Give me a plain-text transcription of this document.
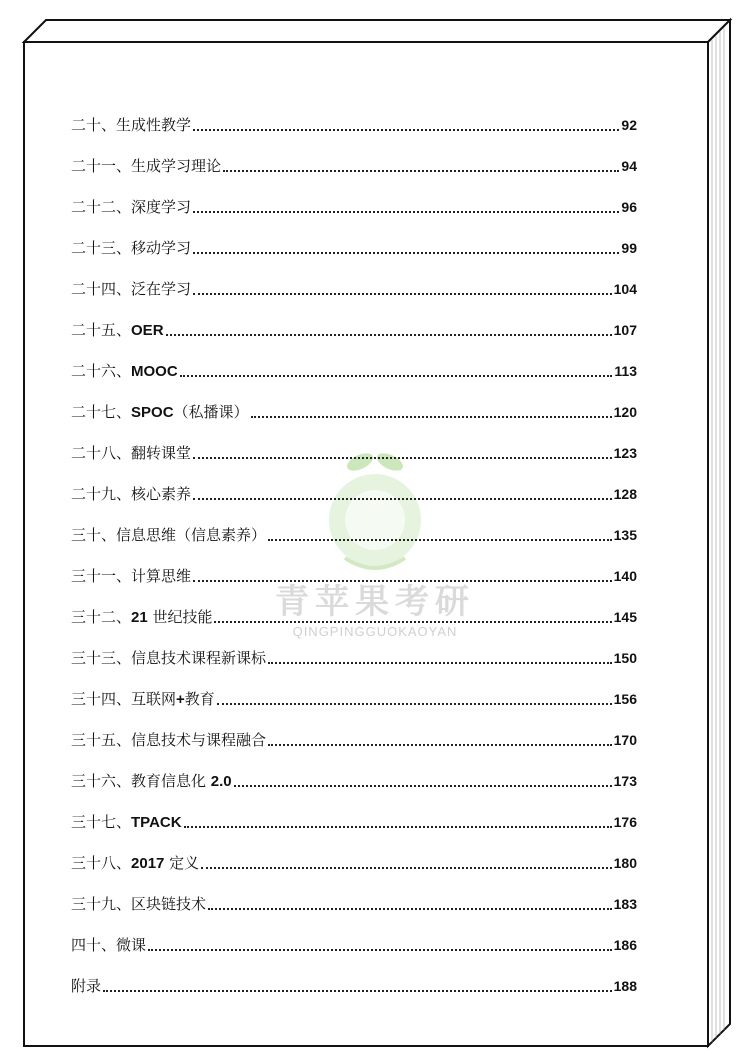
青苹果考研
QINGPINGGUOKAOYAN
二十、生成性教学	92
二十一、生成学习理论	94
二十二、深度学习	96
二十三、移动学习	99
二十四、泛在学习	104
二十五、OER	107
二十六、MOOC	113
二十七、SPOC（私播课）	120
二十八、翻转课堂	123
二十九、核心素养	128
三十、信息思维（信息素养）	135
三十一、计算思维	140
三十二、21 世纪技能	145
三十三、信息技术课程新课标	150
三十四、互联网+教育	156
三十五、信息技术与课程融合	170
三十六、教育信息化 2.0	173
三十七、TPACK	176
三十八、2017 定义	180
三十九、区块链技术	183
四十、微课	186
附录	188
